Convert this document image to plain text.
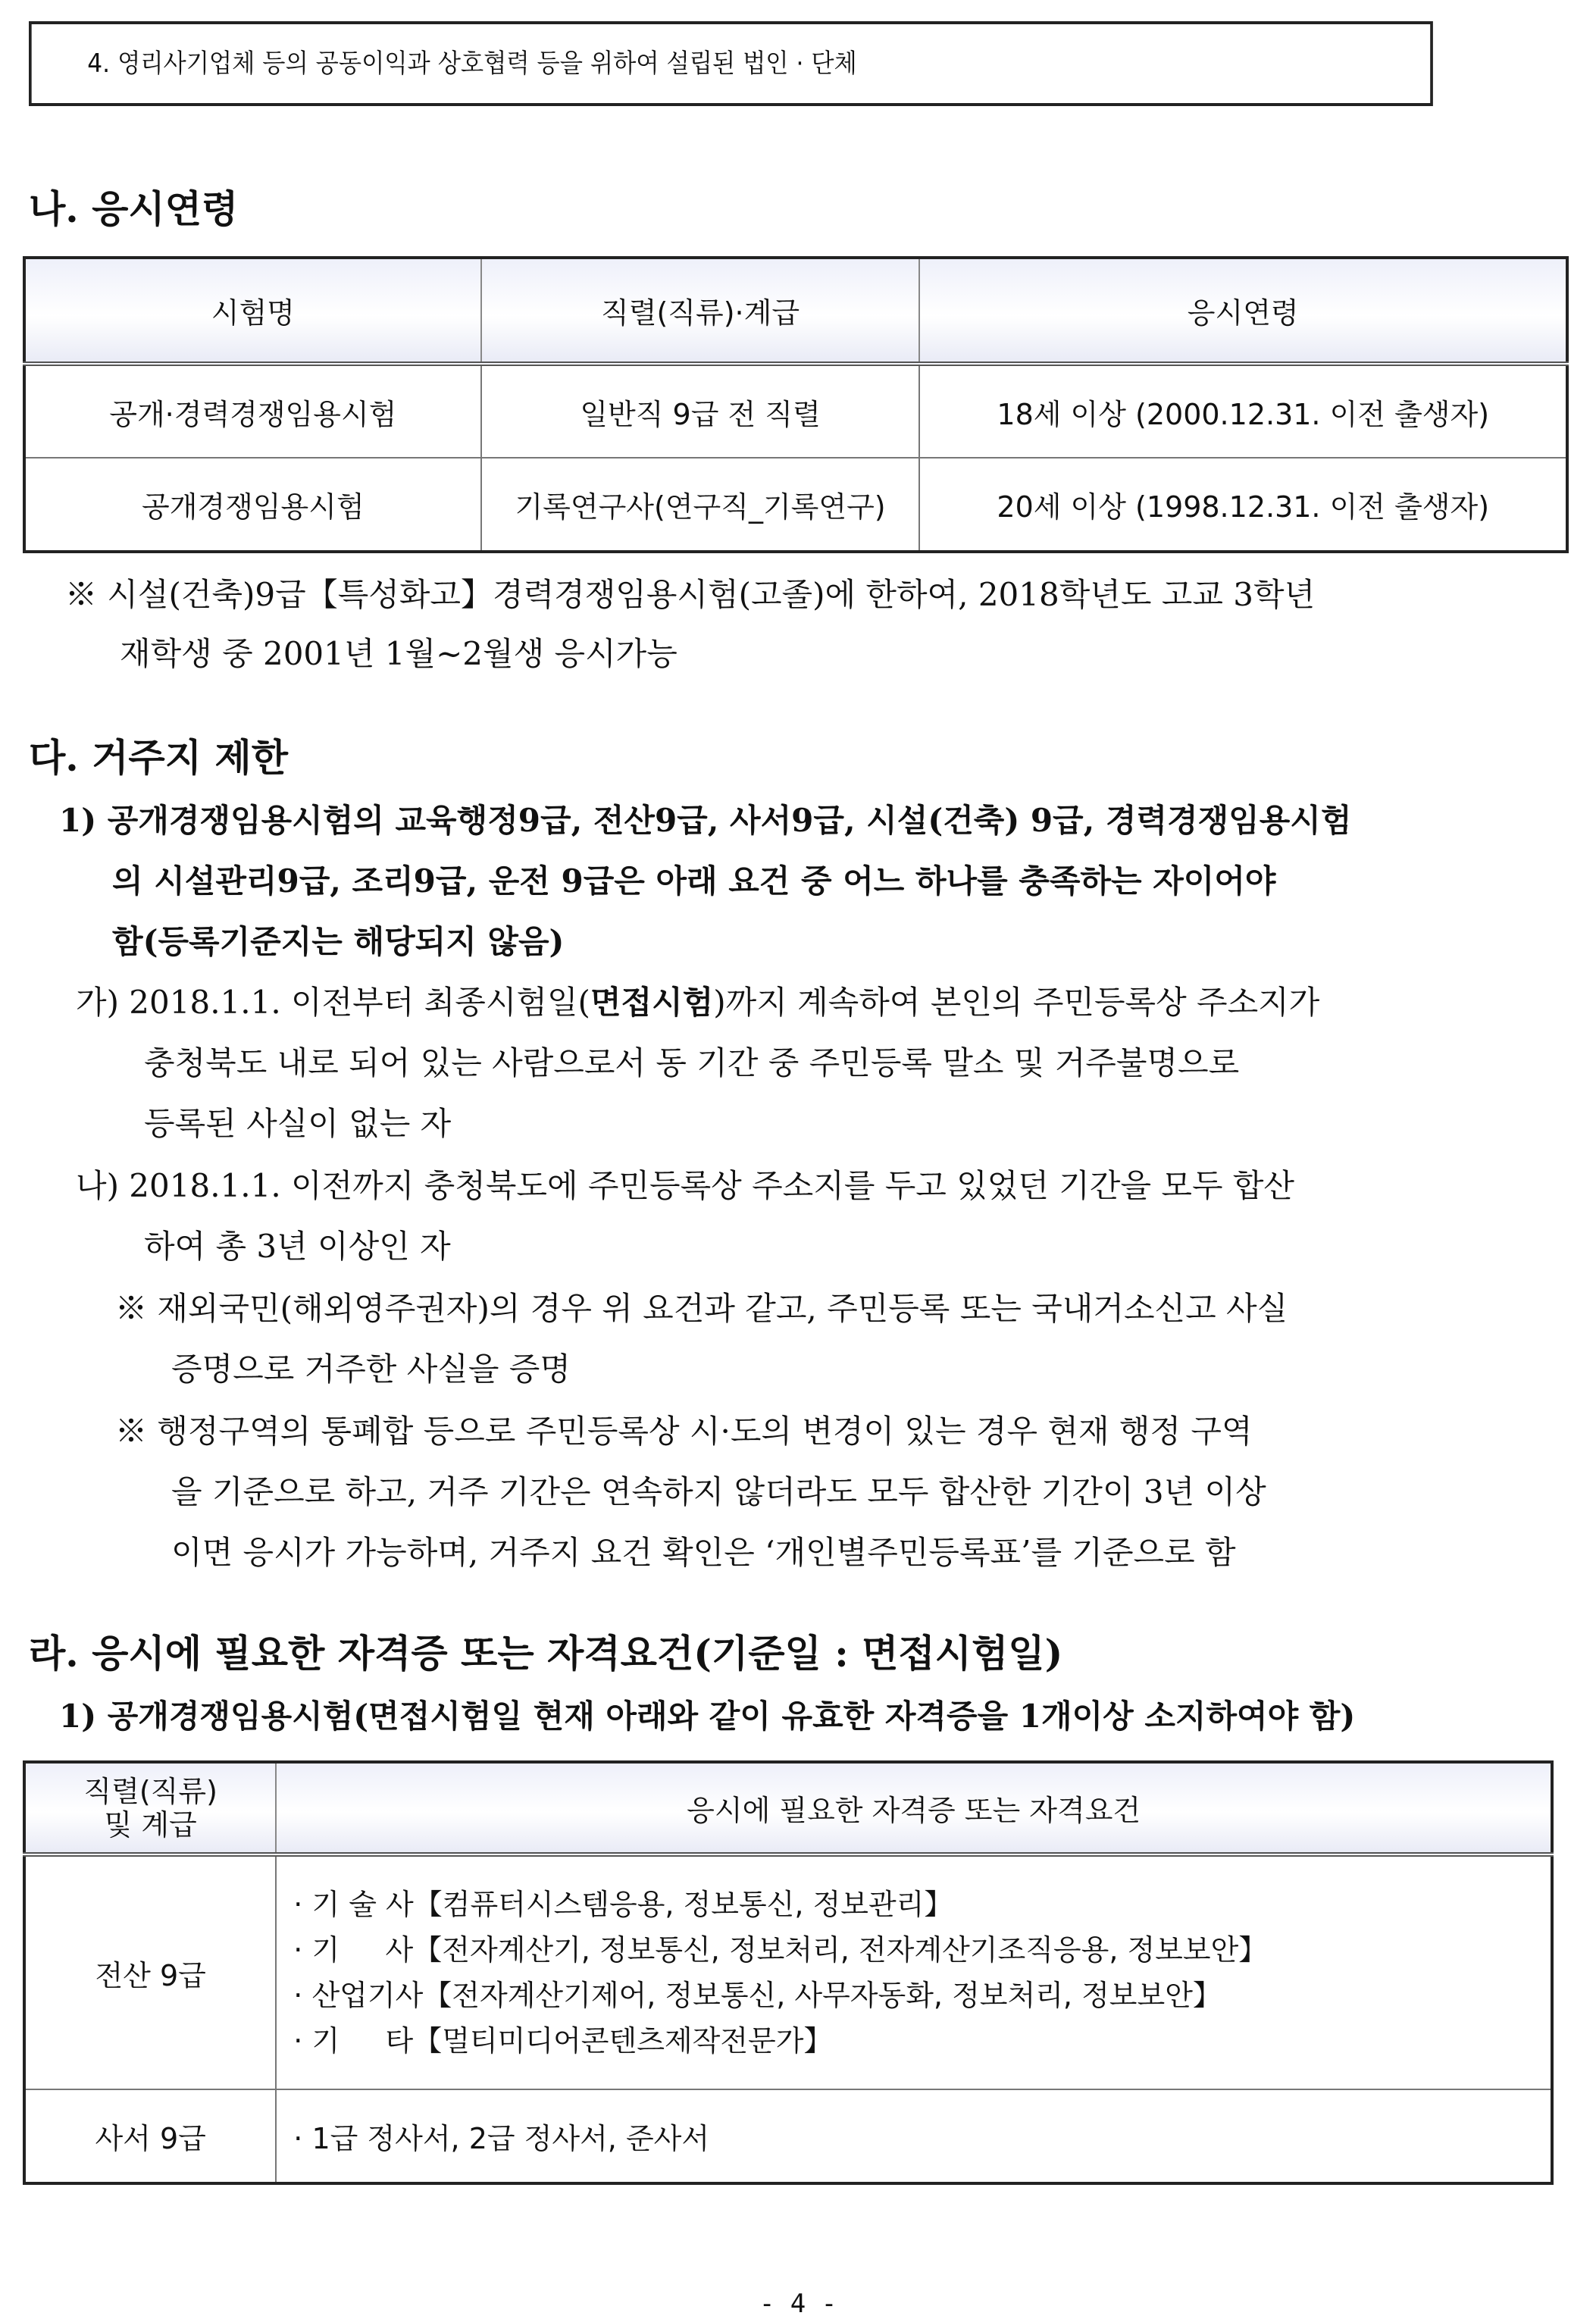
4. 영리사기업체 등의 공동이익과 상호협력 등을 위하여 설립된 법인 · 단체
나. 응시연령
시험명	직렬(직류)·계급	응시연령
공개·경력경쟁임용시험	일반직 9급 전 직렬	18세 이상 (2000.12.31. 이전 출생자)
공개경쟁임용시험	기록연구사(연구직_기록연구)	20세 이상 (1998.12.31. 이전 출생자)
※ 시설(건축)9급【특성화고】경력경쟁임용시험(고졸)에 한하여, 2018학년도 고교 3학년
재학생 중 2001년 1월~2월생 응시가능
다. 거주지 제한
1) 공개경쟁임용시험의 교육행정9급, 전산9급, 사서9급, 시설(건축) 9급, 경력경쟁임용시험
의 시설관리9급, 조리9급, 운전 9급은 아래 요건 중 어느 하나를 충족하는 자이어야
함(등록기준지는 해당되지 않음)
가) 2018.1.1. 이전부터 최종시험일(면접시험)까지 계속하여 본인의 주민등록상 주소지가
충청북도 내로 되어 있는 사람으로서 동 기간 중 주민등록 말소 및 거주불명으로
등록된 사실이 없는 자
나) 2018.1.1. 이전까지 충청북도에 주민등록상 주소지를 두고 있었던 기간을 모두 합산
하여 총 3년 이상인 자
※ 재외국민(해외영주권자)의 경우 위 요건과 같고, 주민등록 또는 국내거소신고 사실
증명으로 거주한 사실을 증명
※ 행정구역의 통폐합 등으로 주민등록상 시·도의 변경이 있는 경우 현재 행정 구역
을 기준으로 하고, 거주 기간은 연속하지 않더라도 모두 합산한 기간이 3년 이상
이면 응시가 가능하며, 거주지 요건 확인은 ‘개인별주민등록표’를 기준으로 함
라. 응시에 필요한 자격증 또는 자격요건(기준일 : 면접시험일)
1) 공개경쟁임용시험(면접시험일 현재 아래와 같이 유효한 자격증을 1개이상 소지하여야 함)
직렬(직류)
및 계급	응시에 필요한 자격증 또는 자격요건
전산 9급	· 기 술 사【컴퓨터시스템응용, 정보통신, 정보관리】
· 기     사【전자계산기, 정보통신, 정보처리, 전자계산기조직응용, 정보보안】
· 산업기사【전자계산기제어, 정보통신, 사무자동화, 정보처리, 정보보안】
· 기     타【멀티미디어콘텐츠제작전문가】

사서 9급	· 1급 정사서, 2급 정사서, 준사서
- 4 -
